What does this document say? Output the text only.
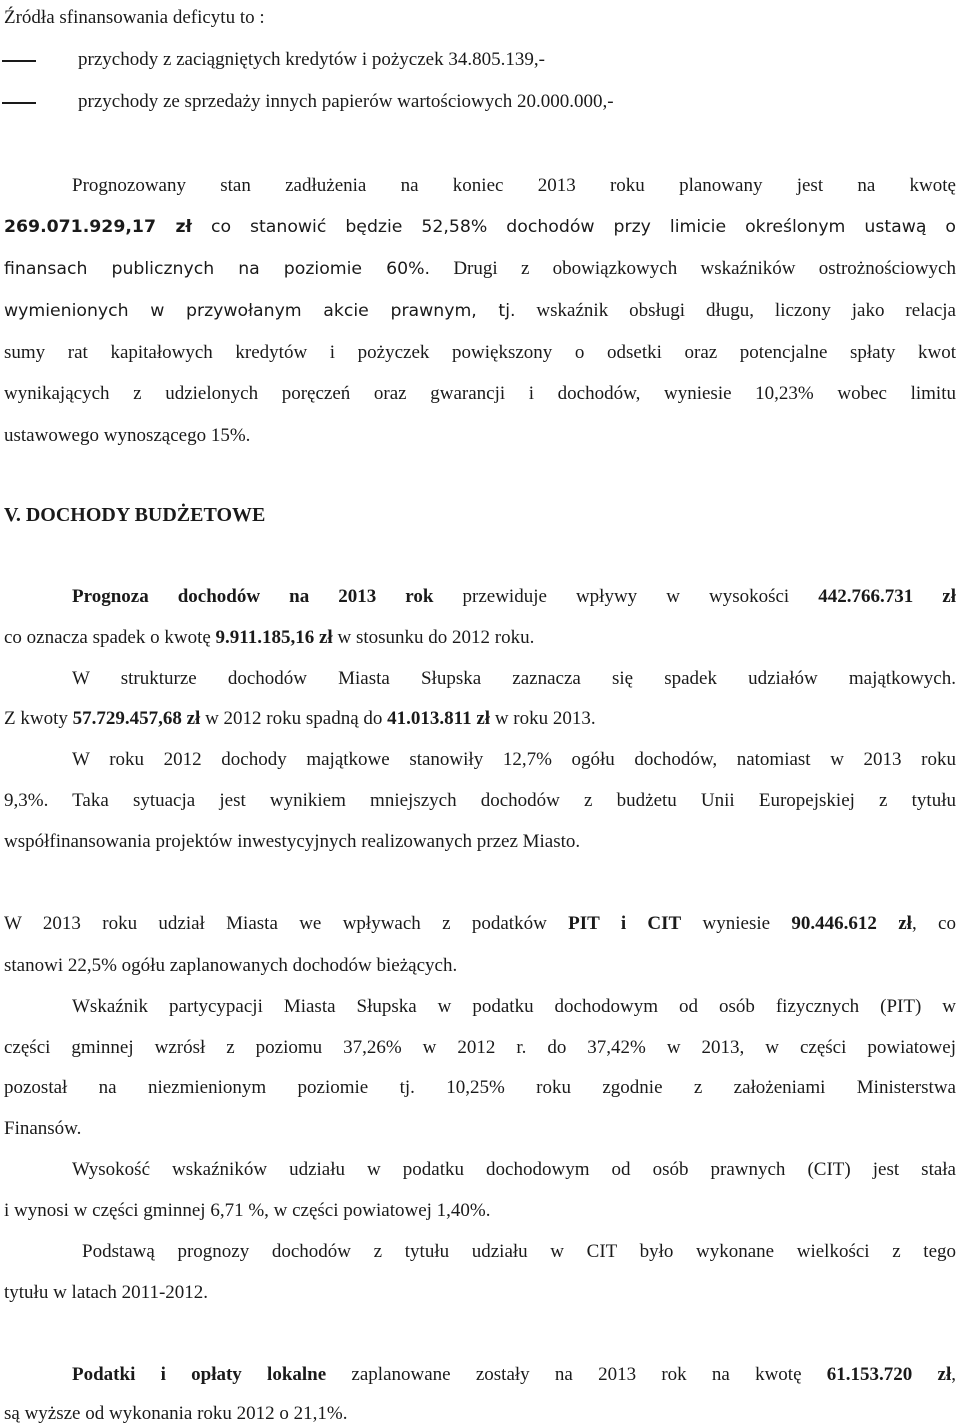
Źródła sfinansowania deficytu to :
przychody z zaciągniętych kredytów i pożyczek 34.805.139,-
przychody ze sprzedaży innych papierów wartościowych 20.000.000,-
Prognozowany stan zadłużenia na koniec 2013 roku planowany jest na kwotę
269.071.929,17 zł co stanowić będzie 52,58% dochodów przy limicie określonym ustawą o
finansach publicznych na poziomie 60%. Drugi z obowiązkowych wskaźników ostrożnościowych
wymienionych w przywołanym akcie prawnym, tj. wskaźnik obsługi długu, liczony jako relacja
sumy rat kapitałowych kredytów i pożyczek powiększony o odsetki oraz potencjalne spłaty kwot
wynikających z udzielonych poręczeń oraz gwarancji i dochodów, wyniesie 10,23% wobec limitu
ustawowego wynoszącego 15%.
V. DOCHODY BUDŻETOWE
Prognoza dochodów na 2013 rok przewiduje wpływy w wysokości 442.766.731 zł
co oznacza spadek o kwotę 9.911.185,16 zł w stosunku do 2012 roku.
W strukturze dochodów Miasta Słupska zaznacza się spadek udziałów majątkowych.
Z kwoty 57.729.457,68 zł w 2012 roku spadną do 41.013.811 zł w roku 2013.
W roku 2012 dochody majątkowe stanowiły 12,7% ogółu dochodów, natomiast w 2013 roku
9,3%. Taka sytuacja jest wynikiem mniejszych dochodów z budżetu Unii Europejskiej z tytułu
współfinansowania projektów inwestycyjnych realizowanych przez Miasto.
W 2013 roku udział Miasta we wpływach z podatków PIT i CIT wyniesie 90.446.612 zł, co
stanowi 22,5% ogółu zaplanowanych dochodów bieżących.
Wskaźnik partycypacji Miasta Słupska w podatku dochodowym od osób fizycznych (PIT) w
części gminnej wzrósł z poziomu 37,26% w 2012 r. do 37,42% w 2013, w części powiatowej
pozostał na niezmienionym poziomie tj. 10,25% roku zgodnie z założeniami Ministerstwa
Finansów.
Wysokość wskaźników udziału w podatku dochodowym od osób prawnych (CIT) jest stała
i wynosi w części gminnej 6,71 %, w części powiatowej 1,40%.
Podstawą prognozy dochodów z tytułu udziału w CIT było wykonane wielkości z tego
tytułu w latach 2011-2012.
Podatki i opłaty lokalne zaplanowane zostały na 2013 rok na kwotę 61.153.720 zł,
są wyższe od wykonania roku 2012 o 21,1%.
